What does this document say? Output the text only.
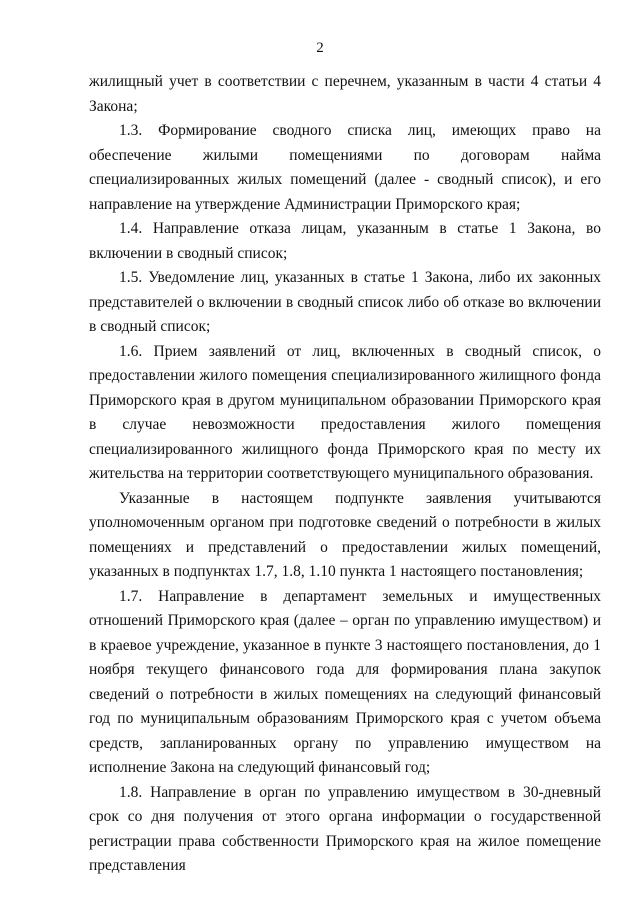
2

жилищный учет в соответствии с перечнем, указанным в части 4 статьи 4 Закона;

1.3. Формирование сводного списка лиц, имеющих право на обеспечение жилыми помещениями по договорам найма специализированных жилых помещений (далее - сводный список), и его направление на утверждение Администрации Приморского края;

1.4. Направление отказа лицам, указанным в статье 1 Закона, во включении в сводный список;

1.5. Уведомление лиц, указанных в статье 1 Закона, либо их законных представителей о включении в сводный список либо об отказе во включении в сводный список;

1.6. Прием заявлений от лиц, включенных в сводный список, о предоставлении жилого помещения специализированного жилищного фонда Приморского края в другом муниципальном образовании Приморского края в случае невозможности предоставления жилого помещения специализированного жилищного фонда Приморского края по месту их жительства на территории соответствующего муниципального образования.

Указанные в настоящем подпункте заявления учитываются уполномоченным органом при подготовке сведений о потребности в жилых помещениях и представлений о предоставлении жилых помещений, указанных в подпунктах 1.7, 1.8, 1.10 пункта 1 настоящего постановления;

1.7. Направление в департамент земельных и имущественных отношений Приморского края (далее – орган по управлению имуществом) и в краевое учреждение, указанное в пункте 3 настоящего постановления, до 1 ноября текущего финансового года для формирования плана закупок сведений о потребности в жилых помещениях на следующий финансовый год по муниципальным образованиям Приморского края с учетом объема средств, запланированных органу по управлению имуществом на исполнение Закона на следующий финансовый год;

1.8. Направление в орган по управлению имуществом в 30-дневный срок со дня получения от этого органа информации о государственной регистрации права собственности Приморского края на жилое помещение представления
